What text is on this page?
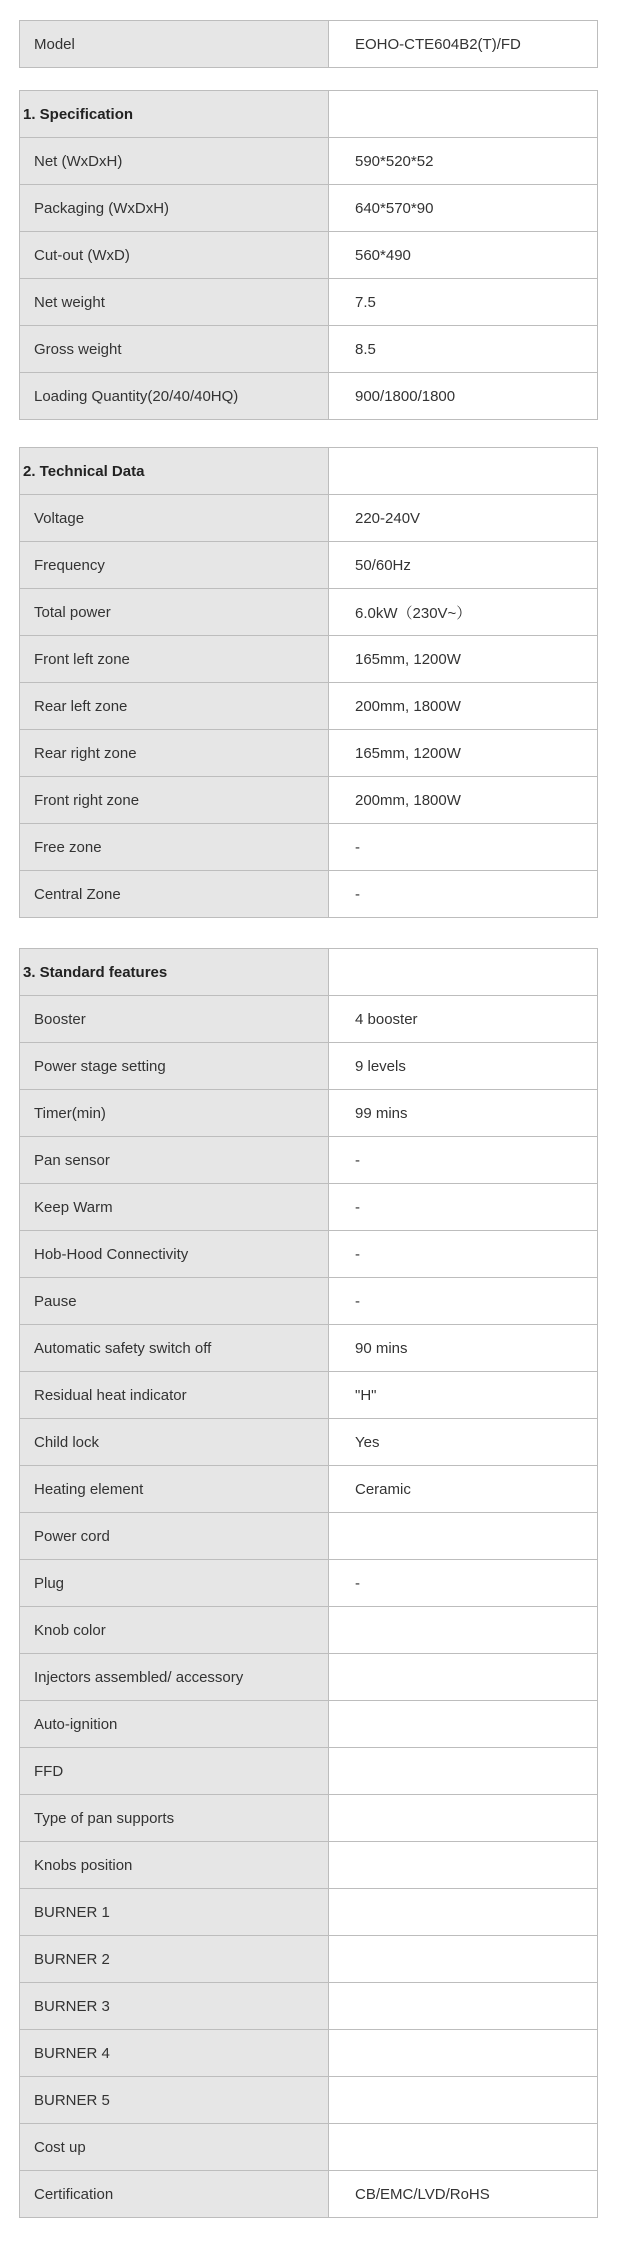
Model	EOHO-CTE604B2(T)/FD
1. Specification	
Net (WxDxH)	590*520*52
Packaging (WxDxH)	640*570*90
Cut-out (WxD)	560*490
Net weight	7.5
Gross weight	8.5
Loading Quantity(20/40/40HQ)	900/1800/1800
2. Technical Data	
Voltage	220-240V
Frequency	50/60Hz
Total power	6.0kW（230V~）
Front left zone	165mm, 1200W
Rear left zone	200mm, 1800W
Rear right zone	165mm, 1200W
Front right zone	200mm, 1800W
Free zone	-
Central Zone	-
3. Standard features	
Booster	4 booster
Power stage setting	9 levels
Timer(min)	99 mins
Pan sensor	-
Keep Warm	-
Hob-Hood Connectivity	-
Pause	-
Automatic safety switch off	90 mins
Residual heat indicator	"H"
Child lock	Yes
Heating element	Ceramic
Power cord	
Plug	-
Knob color	
Injectors assembled/ accessory	
Auto-ignition	
FFD	
Type of pan supports	
Knobs position	
BURNER 1	
BURNER 2	
BURNER 3	
BURNER 4	
BURNER 5	
Cost up	
Certification	CB/EMC/LVD/RoHS
